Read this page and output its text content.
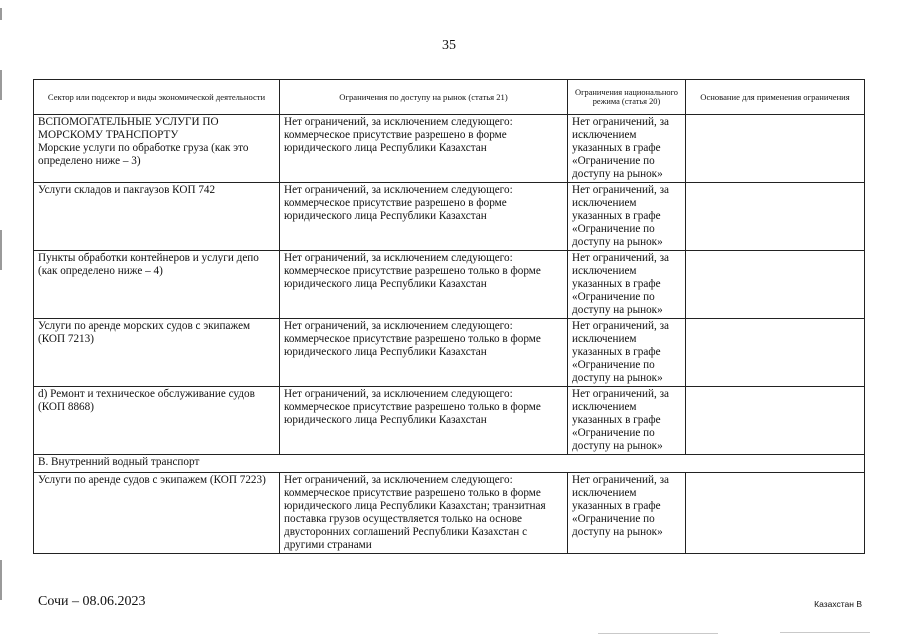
35
Сектор или подсектор и виды экономической деятельности	Ограничения по доступу на рынок (статья 21)	Ограничения национального режима (статья 20)	Основание для применения ограничения

ВСПОМОГАТЕЛЬНЫЕ УСЛУГИ ПО МОРСКОМУ ТРАНСПОРТУ
Морские услуги по обработке груза (как это определено ниже – 3)	Нет ограничений, за исключением следующего: коммерческое присутствие разрешено в форме юридического лица Республики Казахстан	Нет ограничений, за исключением указанных в графе «Ограничение по доступу на рынок»	
Услуги складов и пакгаузов КОП 742	Нет ограничений, за исключением следующего: коммерческое присутствие разрешено в форме юридического лица Республики Казахстан	Нет ограничений, за исключением указанных в графе «Ограничение по доступу на рынок»	
Пункты обработки контейнеров и услуги депо (как определено ниже – 4)	Нет ограничений, за исключением следующего: коммерческое присутствие разрешено только в форме юридического лица Республики Казахстан	Нет ограничений, за исключением указанных в графе «Ограничение по доступу на рынок»	
Услуги по аренде морских судов с экипажем (КОП 7213)	Нет ограничений, за исключением следующего: коммерческое присутствие разрешено только в форме юридического лица Республики Казахстан	Нет ограничений, за исключением указанных в графе «Ограничение по доступу на рынок»	
d) Ремонт и техническое обслуживание судов (КОП 8868)	Нет ограничений, за исключением следующего: коммерческое присутствие разрешено только в форме юридического лица Республики Казахстан	Нет ограничений, за исключением указанных в графе «Ограничение по доступу на рынок»	
B. Внутренний водный транспорт			
Услуги по аренде судов с экипажем (КОП 7223)	Нет ограничений, за исключением следующего: коммерческое присутствие разрешено только в форме юридического лица Республики Казахстан; транзитная поставка грузов осуществляется только на основе двусторонних соглашений Республики Казахстан с другими странами	Нет ограничений, за исключением указанных в графе «Ограничение по доступу на рынок»	
Сочи – 08.06.2023	Казахстан B
